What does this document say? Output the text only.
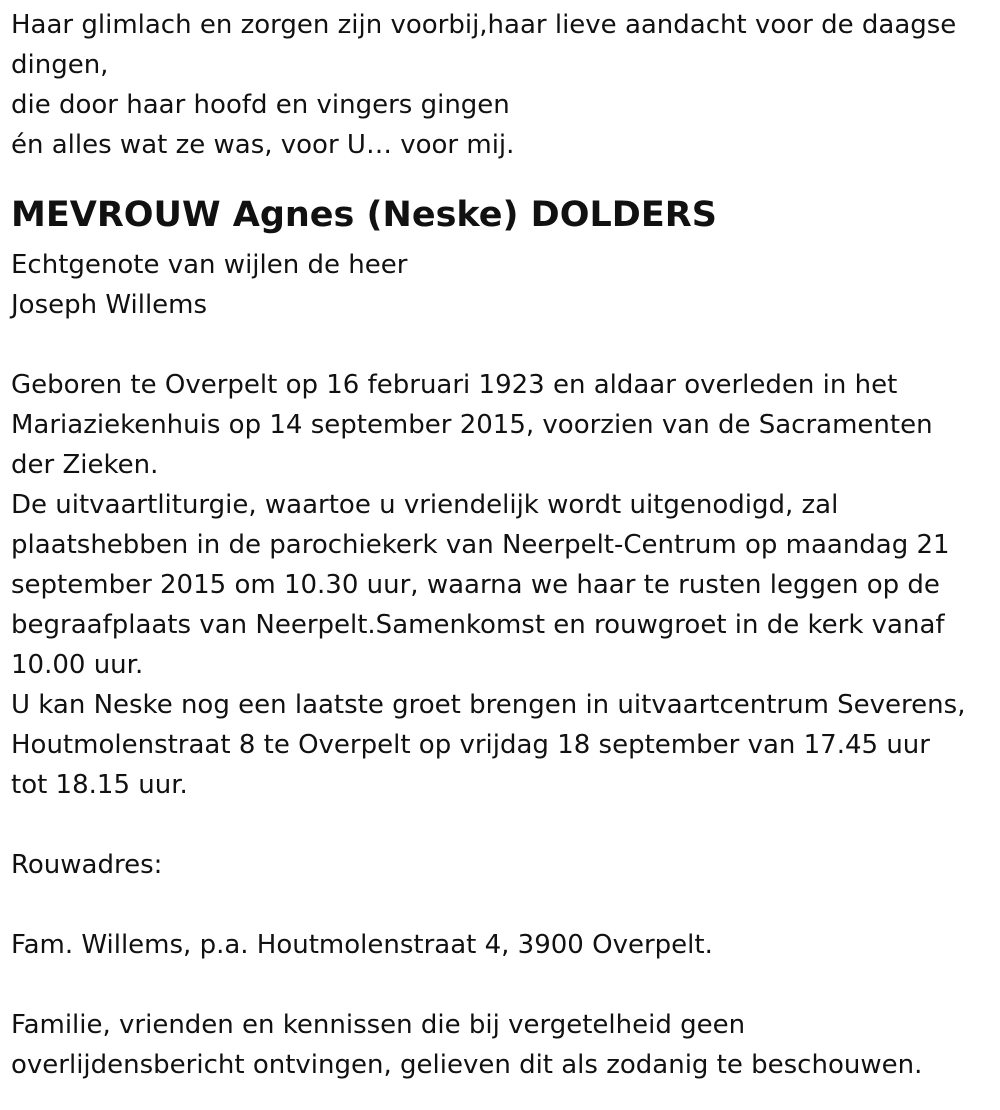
Haar glimlach en zorgen zijn voorbij,haar lieve aandacht voor de daagse
dingen,
die door haar hoofd en vingers gingen
én alles wat ze was, voor U… voor mij.
MEVROUW Agnes (Neske) DOLDERS
Echtgenote van wijlen de heer
Joseph Willems
Geboren te Overpelt op 16 februari 1923 en aldaar overleden in het
Mariaziekenhuis op 14 september 2015, voorzien van de Sacramenten
der Zieken.
De uitvaartliturgie, waartoe u vriendelijk wordt uitgenodigd, zal
plaatshebben in de parochiekerk van Neerpelt-Centrum op maandag 21
september 2015 om 10.30 uur, waarna we haar te rusten leggen op de
begraafplaats van Neerpelt.Samenkomst en rouwgroet in de kerk vanaf
10.00 uur.
U kan Neske nog een laatste groet brengen in uitvaartcentrum Severens,
Houtmolenstraat 8 te Overpelt op vrijdag 18 september van 17.45 uur
tot 18.15 uur.
Rouwadres:
Fam. Willems, p.a. Houtmolenstraat 4, 3900 Overpelt.
Familie, vrienden en kennissen die bij vergetelheid geen
overlijdensbericht ontvingen, gelieven dit als zodanig te beschouwen.
